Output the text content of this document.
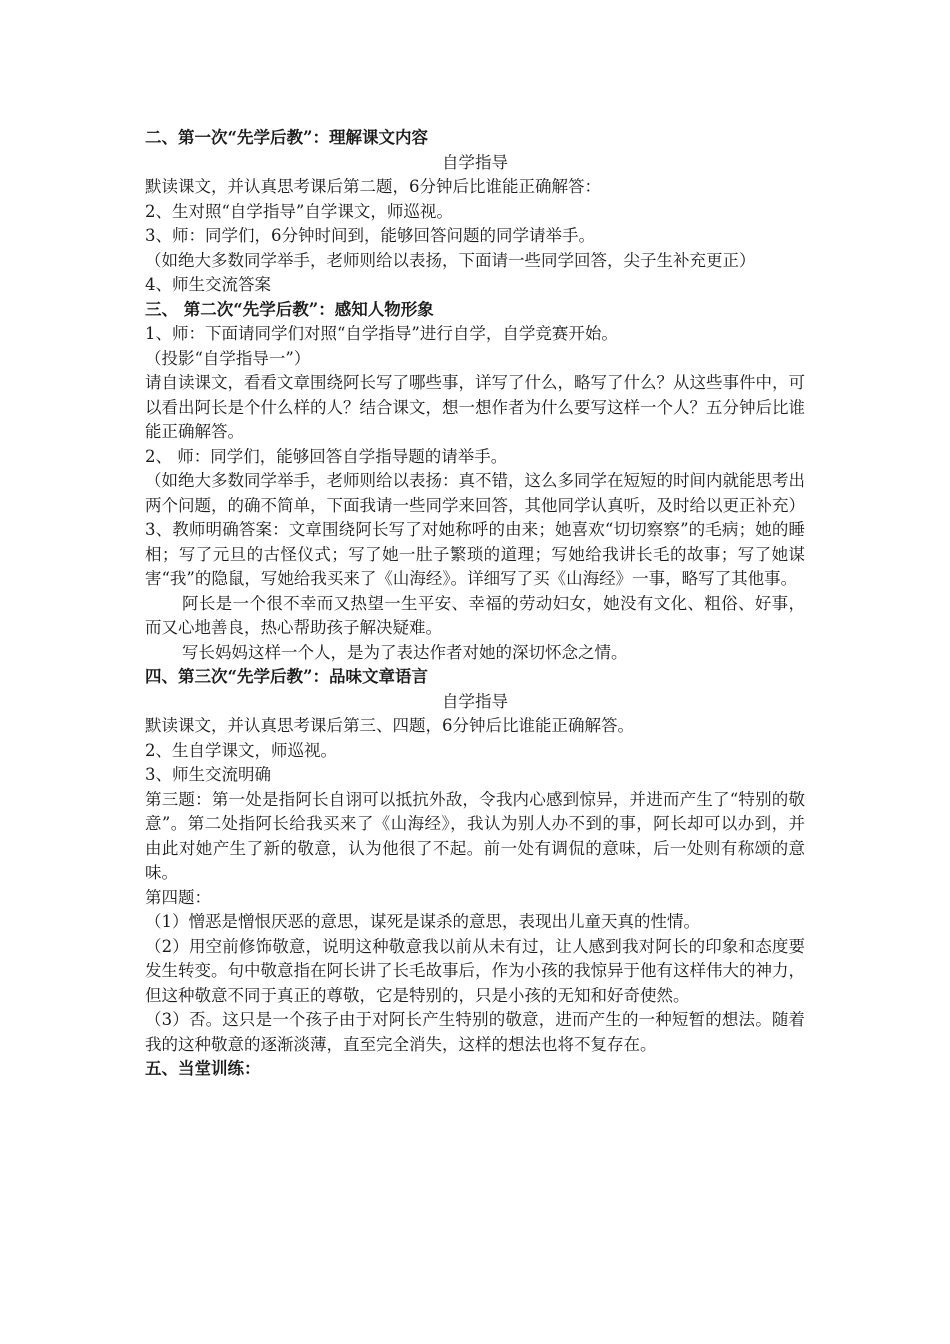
二、第一次“先学后教”：理解课文内容

自学指导

默读课文，并认真思考课后第二题，6分钟后比谁能正确解答：

2、生对照“自学指导”自学课文，师巡视。

3、师：同学们，6分钟时间到，能够回答问题的同学请举手。

（如绝大多数同学举手，老师则给以表扬，下面请一些同学回答，尖子生补充更正）

4、师生交流答案

三、 第二次“先学后教”：感知人物形象

1、师：下面请同学们对照“自学指导”进行自学，自学竞赛开始。

（投影“自学指导一”）

请自读课文，看看文章围绕阿长写了哪些事，详写了什么，略写了什么？从这些事件中，可以看出阿长是个什么样的人？结合课文，想一想作者为什么要写这样一个人？五分钟后比谁能正确解答。

2、 师：同学们，能够回答自学指导题的请举手。

（如绝大多数同学举手，老师则给以表扬：真不错，这么多同学在短短的时间内就能思考出两个问题，的确不简单，下面我请一些同学来回答，其他同学认真听，及时给以更正补充）

3、教师明确答案：文章围绕阿长写了对她称呼的由来；她喜欢“切切察察”的毛病；她的睡相；写了元旦的古怪仪式；写了她一肚子繁琐的道理；写她给我讲长毛的故事；写了她谋害“我”的隐鼠，写她给我买来了《山海经》。详细写了买《山海经》一事，略写了其他事。

阿长是一个很不幸而又热望一生平安、幸福的劳动妇女，她没有文化、粗俗、好事，而又心地善良，热心帮助孩子解决疑难。

写长妈妈这样一个人，是为了表达作者对她的深切怀念之情。

四、第三次“先学后教”：品味文章语言

自学指导

默读课文，并认真思考课后第三、四题，6分钟后比谁能正确解答。

2、生自学课文，师巡视。

3、师生交流明确

第三题：第一处是指阿长自诩可以抵抗外敌，令我内心感到惊异，并进而产生了“特别的敬意”。第二处指阿长给我买来了《山海经》，我认为别人办不到的事，阿长却可以办到，并由此对她产生了新的敬意，认为他很了不起。前一处有调侃的意味，后一处则有称颂的意味。

第四题：

（1）憎恶是憎恨厌恶的意思，谋死是谋杀的意思，表现出儿童天真的性情。

（2）用空前修饰敬意，说明这种敬意我以前从未有过，让人感到我对阿长的印象和态度要发生转变。句中敬意指在阿长讲了长毛故事后，作为小孩的我惊异于他有这样伟大的神力，但这种敬意不同于真正的尊敬，它是特别的，只是小孩的无知和好奇使然。

（3）否。这只是一个孩子由于对阿长产生特别的敬意，进而产生的一种短暂的想法。随着我的这种敬意的逐渐淡薄，直至完全消失，这样的想法也将不复存在。

五、当堂训练：
